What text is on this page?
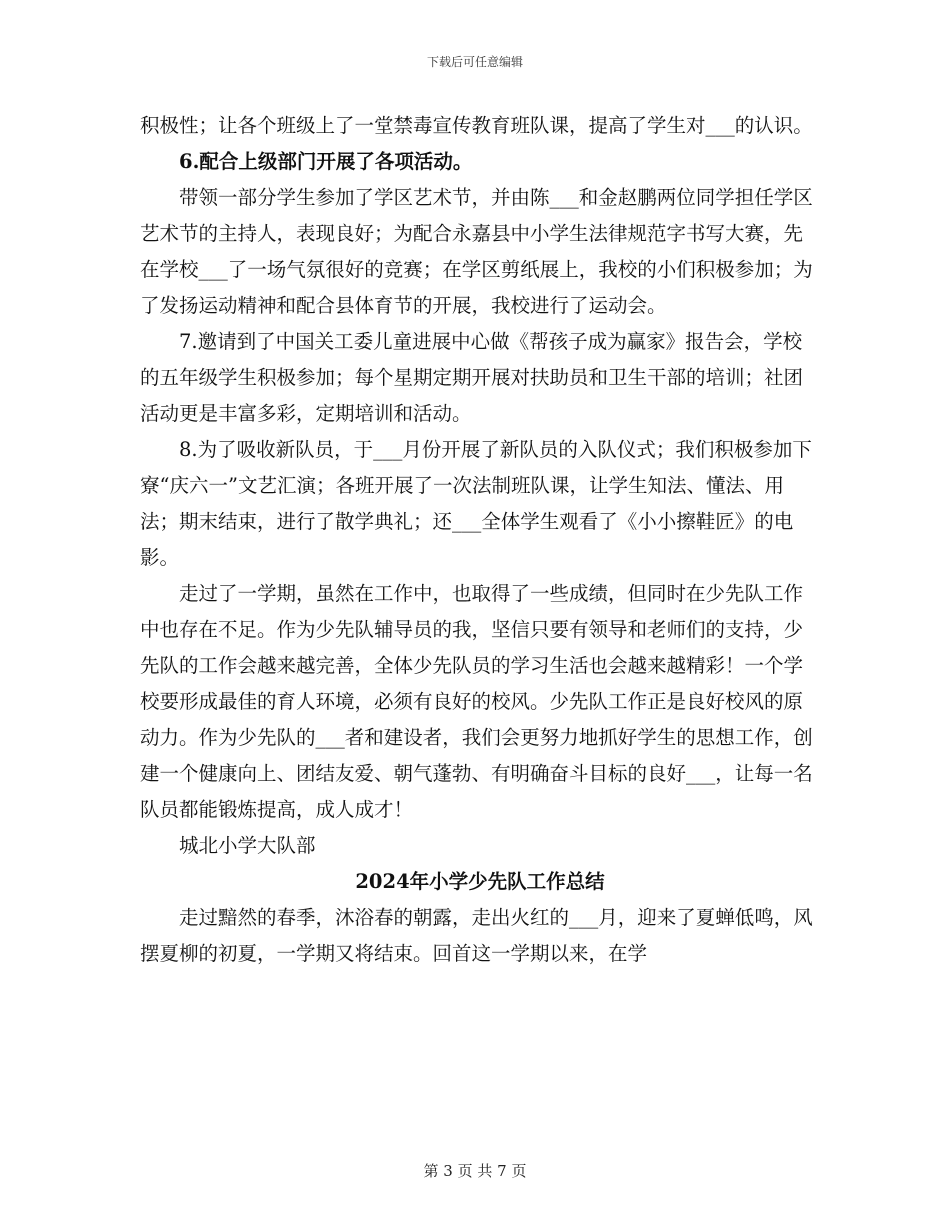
下载后可任意编辑

积极性；让各个班级上了一堂禁毒宣传教育班队课，提高了学生对___的认识。

6.配合上级部门开展了各项活动。

带领一部分学生参加了学区艺术节，并由陈___和金赵鹏两位同学担任学区艺术节的主持人，表现良好；为配合永嘉县中小学生法律规范字书写大赛，先在学校___了一场气氛很好的竞赛；在学区剪纸展上，我校的小们积极参加；为了发扬运动精神和配合县体育节的开展，我校进行了运动会。

7.邀请到了中国关工委儿童进展中心做《帮孩子成为赢家》报告会，学校的五年级学生积极参加；每个星期定期开展对扶助员和卫生干部的培训；社团活动更是丰富多彩，定期培训和活动。

8.为了吸收新队员，于___月份开展了新队员的入队仪式；我们积极参加下寮“庆六一”文艺汇演；各班开展了一次法制班队课，让学生知法、懂法、用法；期末结束，进行了散学典礼；还___全体学生观看了《小小擦鞋匠》的电影。

走过了一学期，虽然在工作中，也取得了一些成绩，但同时在少先队工作中也存在不足。作为少先队辅导员的我，坚信只要有领导和老师们的支持，少先队的工作会越来越完善，全体少先队员的学习生活也会越来越精彩！一个学校要形成最佳的育人环境，必须有良好的校风。少先队工作正是良好校风的原动力。作为少先队的___者和建设者，我们会更努力地抓好学生的思想工作，创建一个健康向上、团结友爱、朝气蓬勃、有明确奋斗目标的良好___，让每一名队员都能锻炼提高，成人成才！

城北小学大队部

2024年小学少先队工作总结

走过黯然的春季，沐浴春的朝露，走出火红的___月，迎来了夏蝉低鸣，风摆夏柳的初夏，一学期又将结束。回首这一学期以来，在学

第 3 页 共 7 页
